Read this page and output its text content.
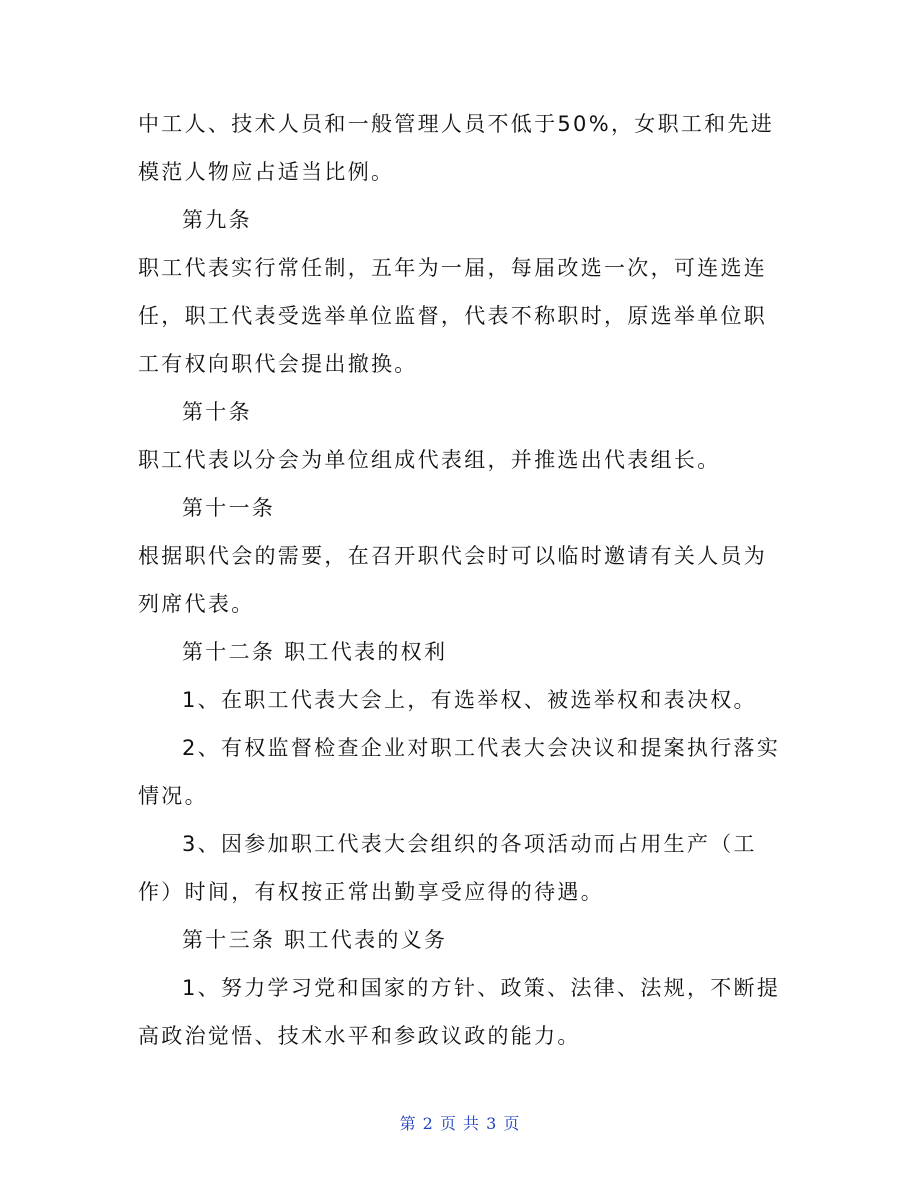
中工人、技术人员和一般管理人员不低于50%，女职工和先进模范人物应占适当比例。

第九条

职工代表实行常任制，五年为一届，每届改选一次，可连选连任，职工代表受选举单位监督，代表不称职时，原选举单位职工有权向职代会提出撤换。

第十条

职工代表以分会为单位组成代表组，并推选出代表组长。

第十一条

根据职代会的需要，在召开职代会时可以临时邀请有关人员为列席代表。

第十二条 职工代表的权利

1、在职工代表大会上，有选举权、被选举权和表决权。

2、有权监督检查企业对职工代表大会决议和提案执行落实情况。

3、因参加职工代表大会组织的各项活动而占用生产（工作）时间，有权按正常出勤享受应得的待遇。

第十三条 职工代表的义务

1、努力学习党和国家的方针、政策、法律、法规，不断提高政治觉悟、技术水平和参政议政的能力。

第 2 页 共 3 页
